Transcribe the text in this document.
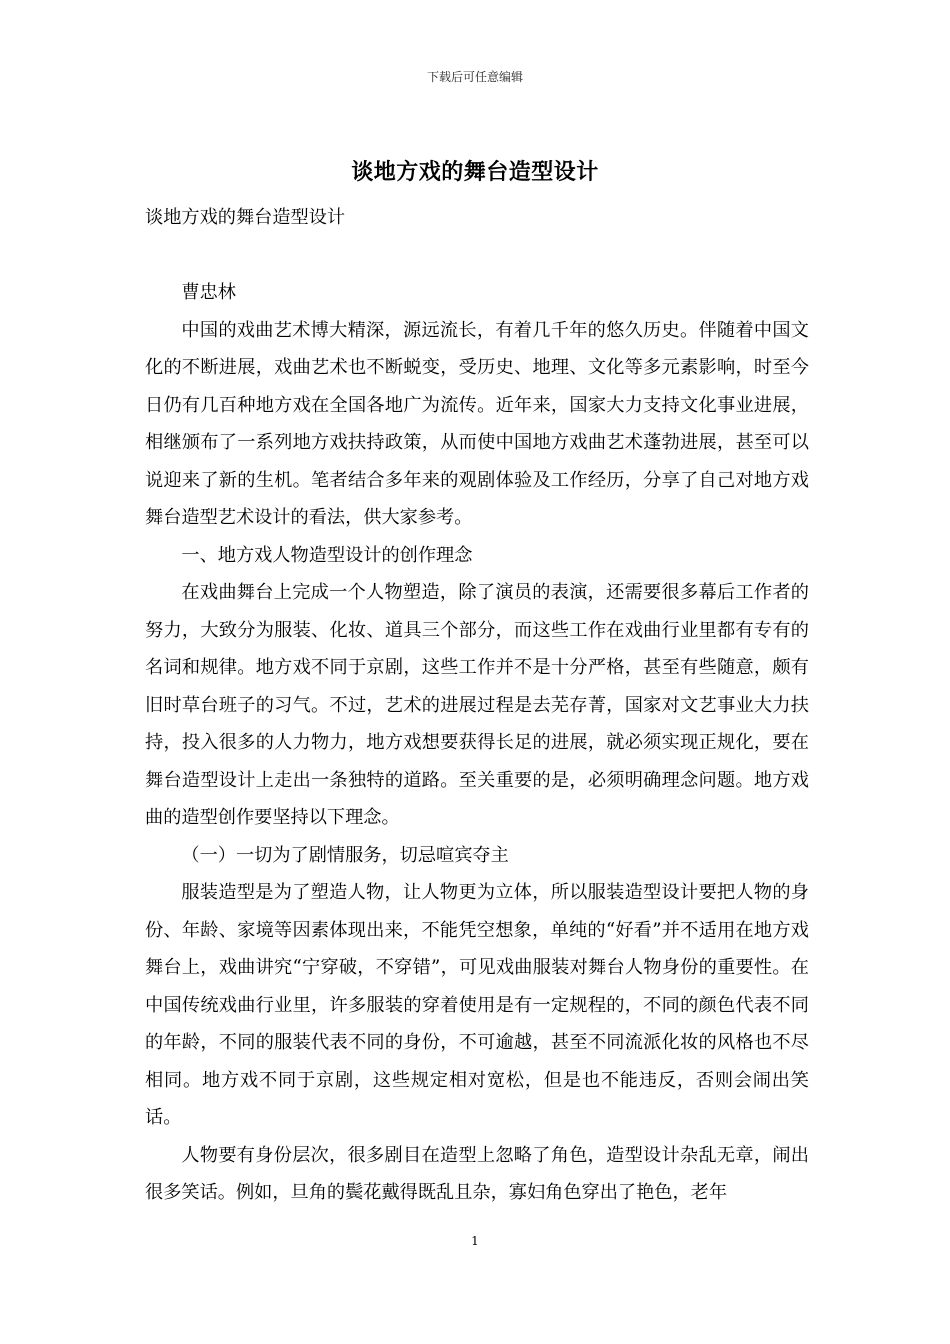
下载后可任意编辑
谈地方戏的舞台造型设计

谈地方戏的舞台造型设计

曹忠林

中国的戏曲艺术博大精深，源远流长，有着几千年的悠久历史。伴随着中国文化的不断进展，戏曲艺术也不断蜕变，受历史、地理、文化等多元素影响，时至今日仍有几百种地方戏在全国各地广为流传。近年来，国家大力支持文化事业进展，相继颁布了一系列地方戏扶持政策，从而使中国地方戏曲艺术蓬勃进展，甚至可以说迎来了新的生机。笔者结合多年来的观剧体验及工作经历，分享了自己对地方戏舞台造型艺术设计的看法，供大家参考。

一、地方戏人物造型设计的创作理念

在戏曲舞台上完成一个人物塑造，除了演员的表演，还需要很多幕后工作者的努力，大致分为服装、化妆、道具三个部分，而这些工作在戏曲行业里都有专有的名词和规律。地方戏不同于京剧，这些工作并不是十分严格，甚至有些随意，颇有旧时草台班子的习气。不过，艺术的进展过程是去芜存菁，国家对文艺事业大力扶持，投入很多的人力物力，地方戏想要获得长足的进展，就必须实现正规化，要在舞台造型设计上走出一条独特的道路。至关重要的是，必须明确理念问题。地方戏曲的造型创作要坚持以下理念。

（一）一切为了剧情服务，切忌喧宾夺主

服装造型是为了塑造人物，让人物更为立体，所以服装造型设计要把人物的身份、年龄、家境等因素体现出来，不能凭空想象，单纯的“好看”并不适用在地方戏舞台上，戏曲讲究“宁穿破，不穿错”，可见戏曲服装对舞台人物身份的重要性。在中国传统戏曲行业里，许多服装的穿着使用是有一定规程的，不同的颜色代表不同的年龄，不同的服装代表不同的身份，不可逾越，甚至不同流派化妆的风格也不尽相同。地方戏不同于京剧，这些规定相对宽松，但是也不能违反，否则会闹出笑话。

人物要有身份层次，很多剧目在造型上忽略了角色，造型设计杂乱无章，闹出很多笑话。例如，旦角的鬓花戴得既乱且杂，寡妇角色穿出了艳色，老年

1
